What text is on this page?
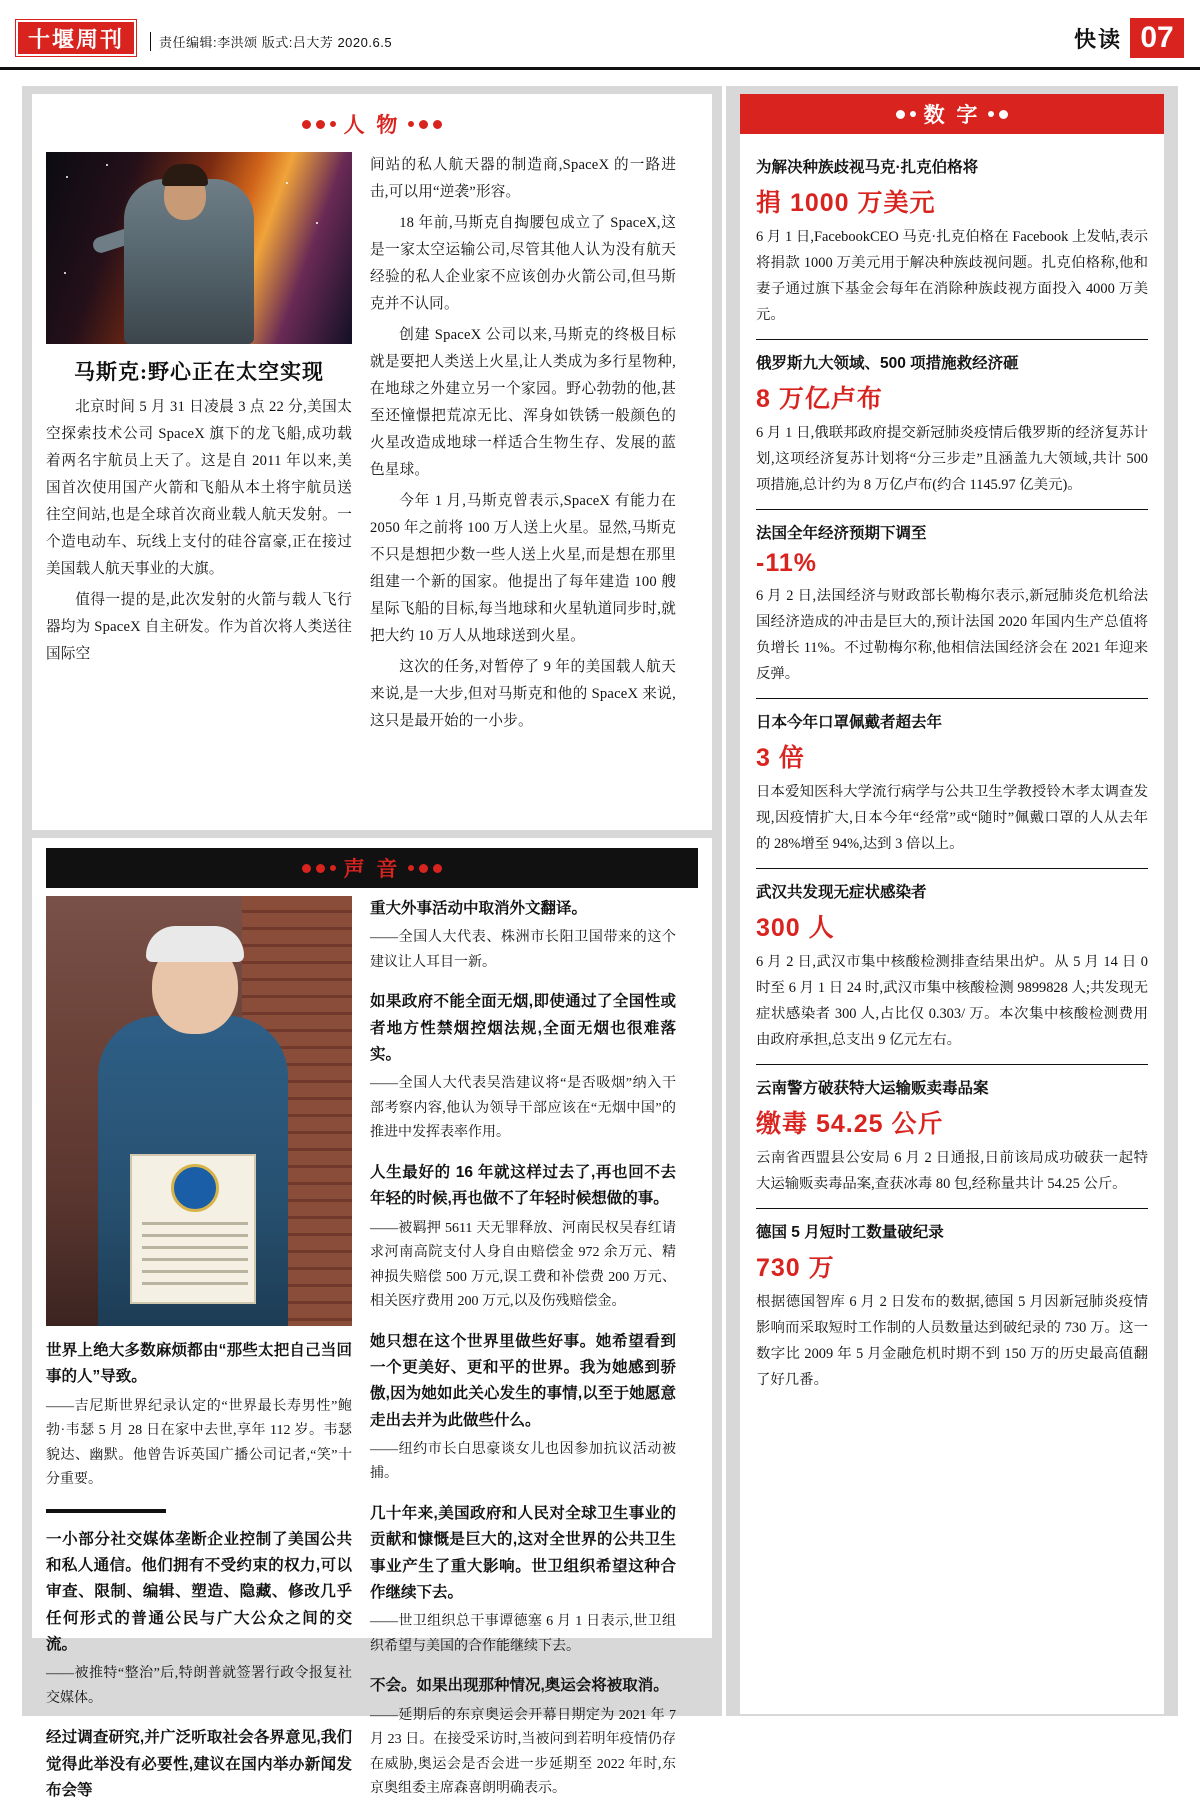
十堰周刊	责任编辑:李洪颂 版式:吕大芳 2020.6.5	快读 07
人 物
马斯克:野心正在太空实现

北京时间 5 月 31 日凌晨 3 点 22 分,美国太空探索技术公司 SpaceX 旗下的龙飞船,成功载着两名宇航员上天了。这是自 2011 年以来,美国首次使用国产火箭和飞船从本土将宇航员送往空间站,也是全球首次商业载人航天发射。一个造电动车、玩线上支付的硅谷富豪,正在接过美国载人航天事业的大旗。

值得一提的是,此次发射的火箭与载人飞行器均为 SpaceX 自主研发。作为首次将人类送往国际空

间站的私人航天器的制造商,SpaceX 的一路进击,可以用“逆袭”形容。

18 年前,马斯克自掏腰包成立了 SpaceX,这是一家太空运输公司,尽管其他人认为没有航天经验的私人企业家不应该创办火箭公司,但马斯克并不认同。

创建 SpaceX 公司以来,马斯克的终极目标就是要把人类送上火星,让人类成为多行星物种,在地球之外建立另一个家园。野心勃勃的他,甚至还憧憬把荒凉无比、浑身如铁锈一般颜色的火星改造成地球一样适合生物生存、发展的蓝色星球。

今年 1 月,马斯克曾表示,SpaceX 有能力在 2050 年之前将 100 万人送上火星。显然,马斯克不只是想把少数一些人送上火星,而是想在那里组建一个新的国家。他提出了每年建造 100 艘星际飞船的目标,每当地球和火星轨道同步时,就把大约 10 万人从地球送到火星。

这次的任务,对暂停了 9 年的美国载人航天来说,是一大步,但对马斯克和他的 SpaceX 来说,这只是最开始的一小步。

声 音

世界上绝大多数麻烦都由“那些太把自己当回事的人”导致。

——吉尼斯世界纪录认定的“世界最长寿男性”鲍勃·韦瑟 5 月 28 日在家中去世,享年 112 岁。韦瑟貌达、幽默。他曾告诉英国广播公司记者,“笑”十分重要。

一小部分社交媒体垄断企业控制了美国公共和私人通信。他们拥有不受约束的权力,可以审查、限制、编辑、塑造、隐藏、修改几乎任何形式的普通公民与广大公众之间的交流。

——被推特“整治”后,特朗普就签署行政令报复社交媒体。

经过调查研究,并广泛听取社会各界意见,我们觉得此举没有必要性,建议在国内举办新闻发布会等

重大外事活动中取消外文翻译。

——全国人大代表、株洲市长阳卫国带来的这个建议让人耳目一新。

如果政府不能全面无烟,即使通过了全国性或者地方性禁烟控烟法规,全面无烟也很难落实。

——全国人大代表吴浩建议将“是否吸烟”纳入干部考察内容,他认为领导干部应该在“无烟中国”的推进中发挥表率作用。

人生最好的 16 年就这样过去了,再也回不去年轻的时候,再也做不了年轻时候想做的事。

——被羁押 5611 天无罪释放、河南民权吴春红请求河南高院支付人身自由赔偿金 972 余万元、精神损失赔偿 500 万元,误工费和补偿费 200 万元、相关医疗费用 200 万元,以及伤残赔偿金。

她只想在这个世界里做些好事。她希望看到一个更美好、更和平的世界。我为她感到骄傲,因为她如此关心发生的事情,以至于她愿意走出去并为此做些什么。

——纽约市长白思豪谈女儿也因参加抗议活动被捕。

几十年来,美国政府和人民对全球卫生事业的贡献和慷慨是巨大的,这对全世界的公共卫生事业产生了重大影响。世卫组织希望这种合作继续下去。

——世卫组织总干事谭德塞 6 月 1 日表示,世卫组织希望与美国的合作能继续下去。

不会。如果出现那种情况,奥运会将被取消。

——延期后的东京奥运会开幕日期定为 2021 年 7 月 23 日。在接受采访时,当被问到若明年疫情仍存在威胁,奥运会是否会进一步延期至 2022 年时,东京奥组委主席森喜朗明确表示。

数 字

为解决种族歧视马克·扎克伯格将

捐 1000 万美元

6 月 1 日,FacebookCEO 马克·扎克伯格在 Facebook 上发帖,表示将捐款 1000 万美元用于解决种族歧视问题。扎克伯格称,他和妻子通过旗下基金会每年在消除种族歧视方面投入 4000 万美元。

俄罗斯九大领域、500 项措施救经济砸

8 万亿卢布

6 月 1 日,俄联邦政府提交新冠肺炎疫情后俄罗斯的经济复苏计划,这项经济复苏计划将“分三步走”且涵盖九大领域,共计 500 项措施,总计约为 8 万亿卢布(约合 1145.97 亿美元)。

法国全年经济预期下调至

-11%

6 月 2 日,法国经济与财政部长勒梅尔表示,新冠肺炎危机给法国经济造成的冲击是巨大的,预计法国 2020 年国内生产总值将负增长 11%。不过勒梅尔称,他相信法国经济会在 2021 年迎来反弹。

日本今年口罩佩戴者超去年

3 倍

日本爱知医科大学流行病学与公共卫生学教授铃木孝太调查发现,因疫情扩大,日本今年“经常”或“随时”佩戴口罩的人从去年的 28%增至 94%,达到 3 倍以上。

武汉共发现无症状感染者

300 人

6 月 2 日,武汉市集中核酸检测排查结果出炉。从 5 月 14 日 0 时至 6 月 1 日 24 时,武汉市集中核酸检测 9899828 人;共发现无症状感染者 300 人,占比仅 0.303/ 万。本次集中核酸检测费用由政府承担,总支出 9 亿元左右。

云南警方破获特大运输贩卖毒品案

缴毒 54.25 公斤

云南省西盟县公安局 6 月 2 日通报,日前该局成功破获一起特大运输贩卖毒品案,查获冰毒 80 包,经称量共计 54.25 公斤。

德国 5 月短时工数量破纪录

730 万

根据德国智库 6 月 2 日发布的数据,德国 5 月因新冠肺炎疫情影响而采取短时工作制的人员数量达到破纪录的 730 万。这一数字比 2009 年 5 月金融危机时期不到 150 万的历史最高值翻了好几番。
